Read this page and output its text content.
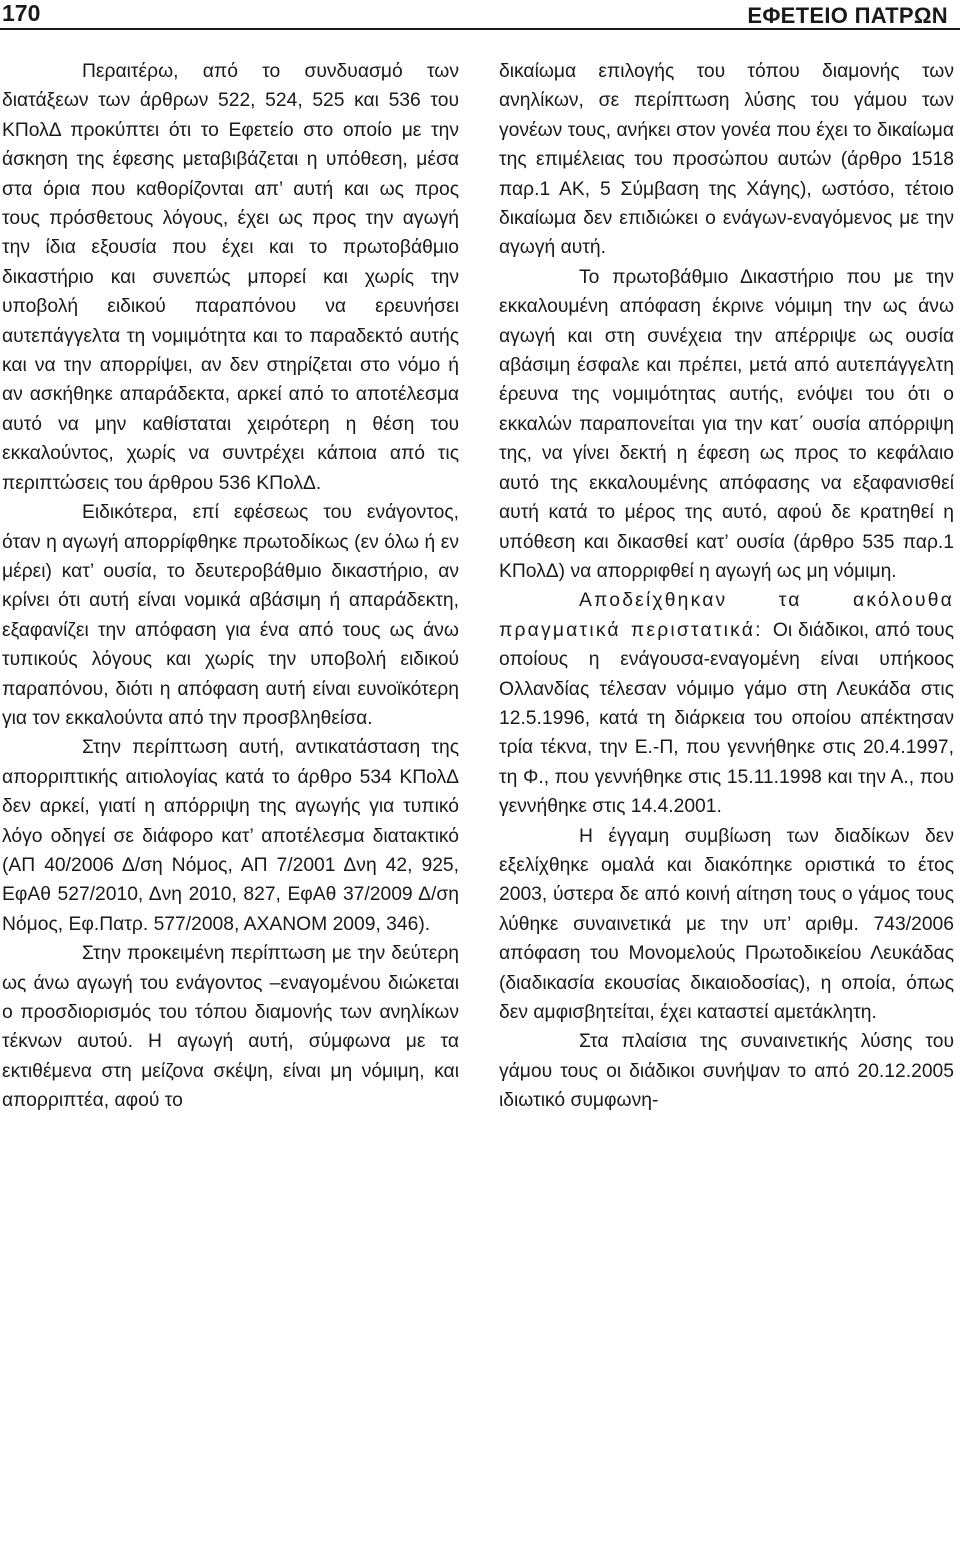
170	ΕΦΕΤΕΙΟ ΠΑΤΡΩΝ

Περαιτέρω, από το συνδυασμό των διατάξεων των άρθρων 522, 524, 525 και 536 του ΚΠολΔ προκύπτει ότι το Εφετείο στο οποίο με την άσκηση της έφεσης μεταβιβάζεται η υπόθεση, μέσα στα όρια που καθορίζονται απ’ αυτή και ως προς τους πρόσθετους λόγους, έχει ως προς την αγωγή την ίδια εξουσία που έχει και το πρωτοβάθμιο δικαστήριο και συνεπώς μπορεί και χωρίς την υποβολή ειδικού παραπόνου να ερευνήσει αυτεπάγγελτα τη νομιμότητα και το παραδεκτό αυτής και να την απορρίψει, αν δεν στηρίζεται στο νόμο ή αν ασκήθηκε απαράδεκτα, αρκεί από το αποτέλεσμα αυτό να μην καθίσταται χειρότερη η θέση του εκκαλούντος, χωρίς να συντρέχει κάποια από τις περιπτώσεις του άρθρου 536 ΚΠολΔ.

Ειδικότερα, επί εφέσεως του ενάγοντος, όταν η αγωγή απορρίφθηκε πρωτοδίκως (εν όλω ή εν μέρει) κατ’ ουσία, το δευτεροβάθμιο δικαστήριο, αν κρίνει ότι αυτή είναι νομικά αβάσιμη ή απαράδεκτη, εξαφανίζει την απόφαση για ένα από τους ως άνω τυπικούς λόγους και χωρίς την υποβολή ειδικού παραπόνου, διότι η απόφαση αυτή είναι ευνοϊκότερη για τον εκκαλούντα από την προσβληθείσα.

Στην περίπτωση αυτή, αντικατάσταση της απορριπτικής αιτιολογίας κατά το άρθρο 534 ΚΠολΔ δεν αρκεί, γιατί η απόρριψη της αγωγής για τυπικό λόγο οδηγεί σε διάφορο κατ’ αποτέλεσμα διατακτικό (ΑΠ 40/2006 Δ/ση Νόμος, ΑΠ 7/2001 Δνη 42, 925, ΕφΑθ 527/2010, Δνη 2010, 827, ΕφΑθ 37/2009 Δ/ση Νόμος, Εφ.Πατρ. 577/2008, ΑΧΑΝΟΜ 2009, 346).

Στην προκειμένη περίπτωση με την δεύτερη ως άνω αγωγή του ενάγοντος –εναγομένου διώκεται ο προσδιορισμός του τόπου διαμονής των ανηλίκων τέκνων αυτού. Η αγωγή αυτή, σύμφωνα με τα εκτιθέμενα στη μείζονα σκέψη, είναι μη νόμιμη, και απορριπτέα, αφού το

δικαίωμα επιλογής του τόπου διαμονής των ανηλίκων, σε περίπτωση λύσης του γάμου των γονέων τους, ανήκει στον γονέα που έχει το δικαίωμα της επιμέλειας του προσώπου αυτών (άρθρο 1518 παρ.1 ΑΚ, 5 Σύμβαση της Χάγης), ωστόσο, τέτοιο δικαίωμα δεν επιδιώκει ο ενάγων-εναγόμενος με την αγωγή αυτή.

Το πρωτοβάθμιο Δικαστήριο που με την εκκαλουμένη απόφαση έκρινε νόμιμη την ως άνω αγωγή και στη συνέχεια την απέρριψε ως ουσία αβάσιμη έσφαλε και πρέπει, μετά από αυτεπάγγελτη έρευνα της νομιμότητας αυτής, ενόψει του ότι ο εκκαλών παραπονείται για την κατ΄ ουσία απόρριψη της, να γίνει δεκτή η έφεση ως προς το κεφάλαιο αυτό της εκκαλουμένης απόφασης να εξαφανισθεί αυτή κατά το μέρος της αυτό, αφού δε κρατηθεί η υπόθεση και δικασθεί κατ’ ουσία (άρθρο 535 παρ.1 ΚΠολΔ) να απορριφθεί η αγωγή ως μη νόμιμη.

Αποδείχθηκαν τα ακόλουθα πραγματικά περιστατικά: Οι διάδικοι, από τους οποίους η ενάγουσα-εναγομένη είναι υπήκοος Ολλανδίας τέλεσαν νόμιμο γάμο στη Λευκάδα στις 12.5.1996, κατά τη διάρκεια του οποίου απέκτησαν τρία τέκνα, την Ε.-Π, που γεννήθηκε στις 20.4.1997, τη Φ., που γεννήθηκε στις 15.11.1998 και την Α., που γεννήθηκε στις 14.4.2001.

Η έγγαμη συμβίωση των διαδίκων δεν εξελίχθηκε ομαλά και διακόπηκε οριστικά το έτος 2003, ύστερα δε από κοινή αίτηση τους ο γάμος τους λύθηκε συναινετικά με την υπ’ αριθμ. 743/2006 απόφαση του Μονομελούς Πρωτοδικείου Λευκάδας (διαδικασία εκουσίας δικαιοδοσίας), η οποία, όπως δεν αμφισβητείται, έχει καταστεί αμετάκλητη.

Στα πλαίσια της συναινετικής λύσης του γάμου τους οι διάδικοι συνήψαν το από 20.12.2005 ιδιωτικό συμφωνη-
